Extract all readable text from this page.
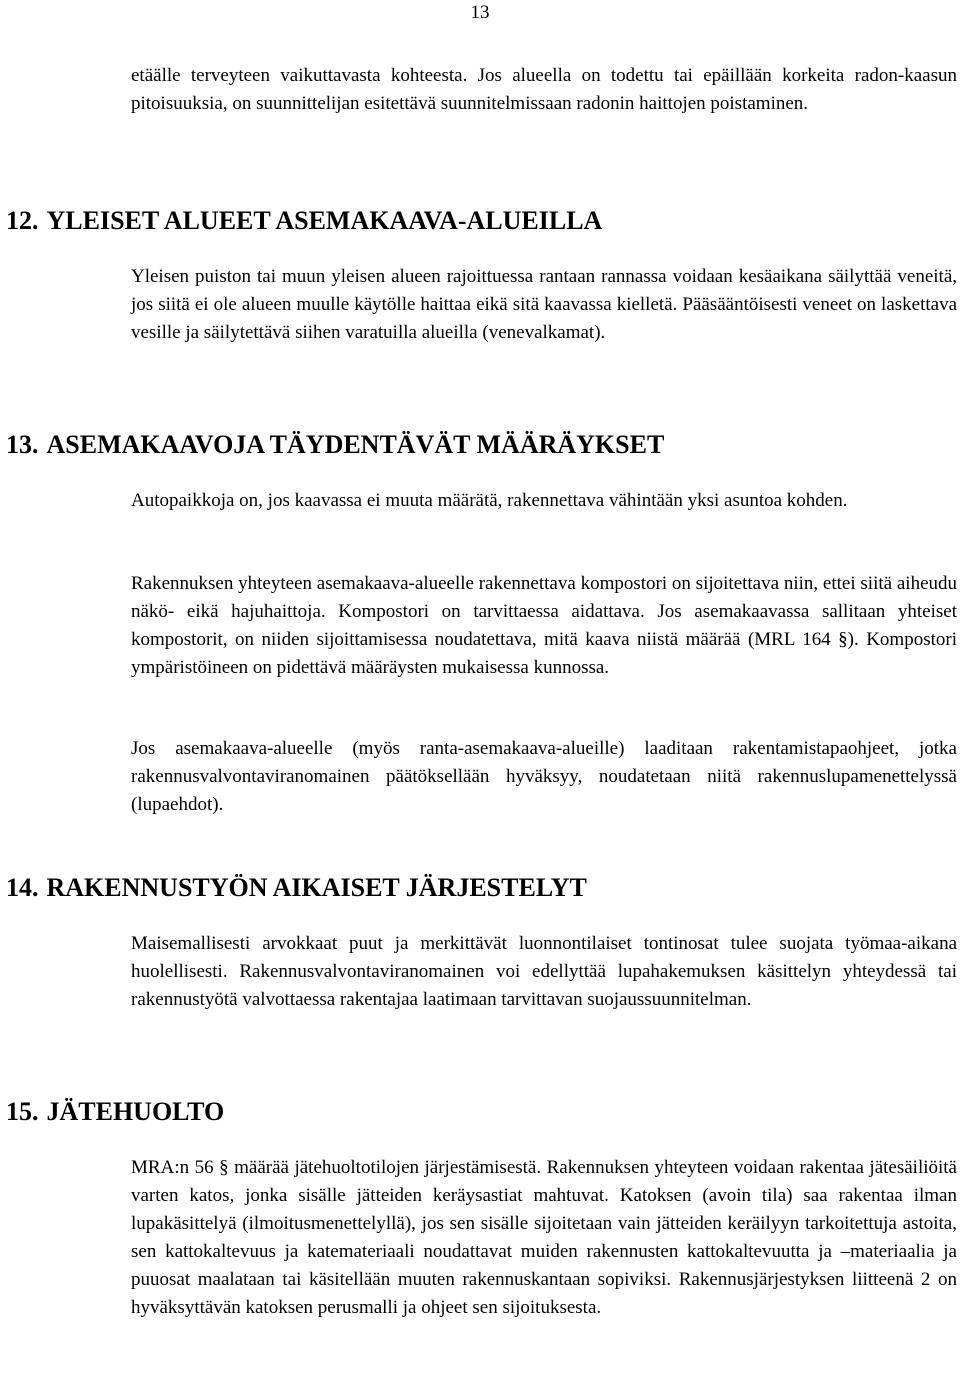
13

etäälle terveyteen vaikuttavasta kohteesta. Jos alueella on todettu tai epäillään korkeita radon-kaasun pitoisuuksia, on suunnittelijan esitettävä suunnitelmissaan radonin haittojen poistaminen.

12. YLEISET ALUEET ASEMAKAAVA-ALUEILLA

Yleisen puiston tai muun yleisen alueen rajoittuessa rantaan rannassa voidaan kesäaikana säilyttää veneitä, jos siitä ei ole alueen muulle käytölle haittaa eikä sitä kaavassa kielletä. Pääsääntöisesti veneet on laskettava vesille ja säilytettävä siihen varatuilla alueilla (venevalkamat).

13. ASEMAKAAVOJA TÄYDENTÄVÄT MÄÄRÄYKSET

Autopaikkoja on, jos kaavassa ei muuta määrätä, rakennettava vähintään yksi asuntoa kohden.

Rakennuksen yhteyteen asemakaava-alueelle rakennettava kompostori on sijoitettava niin, ettei siitä aiheudu näkö- eikä hajuhaittoja. Kompostori on tarvittaessa aidattava. Jos asemakaavassa sallitaan yhteiset kompostorit, on niiden sijoittamisessa noudatettava, mitä kaava niistä määrää (MRL 164 §). Kompostori ympäristöineen on pidettävä määräysten mukaisessa kunnossa.

Jos asemakaava-alueelle (myös ranta-asemakaava-alueille) laaditaan rakentamistapaohjeet, jotka rakennusvalvontaviranomainen päätöksellään hyväksyy, noudatetaan niitä rakennuslupamenettelyssä (lupaehdot).

14. RAKENNUSTYÖN AIKAISET JÄRJESTELYT

Maisemallisesti arvokkaat puut ja merkittävät luonnontilaiset tontinosat tulee suojata työmaa-aikana huolellisesti. Rakennusvalvontaviranomainen voi edellyttää lupahakemuksen käsittelyn yhteydessä tai rakennustyötä valvottaessa rakentajaa laatimaan tarvittavan suojaussuunnitelman.

15. JÄTEHUOLTO

MRA:n 56 § määrää jätehuoltotilojen järjestämisestä. Rakennuksen yhteyteen voidaan rakentaa jätesäiliöitä varten katos, jonka sisälle jätteiden keräysastiat mahtuvat. Katoksen (avoin tila) saa rakentaa ilman lupakäsittelyä (ilmoitusmenettelyllä), jos sen sisälle sijoitetaan vain jätteiden keräilyyn tarkoitettuja astoita, sen kattokaltevuus ja katemateriaali noudattavat muiden rakennusten kattokaltevuutta ja –materiaalia ja puuosat maalataan tai käsitellään muuten rakennuskantaan sopiviksi. Rakennusjärjestyksen liitteenä 2 on hyväksyttävän katoksen perusmalli ja ohjeet sen sijoituksesta.
